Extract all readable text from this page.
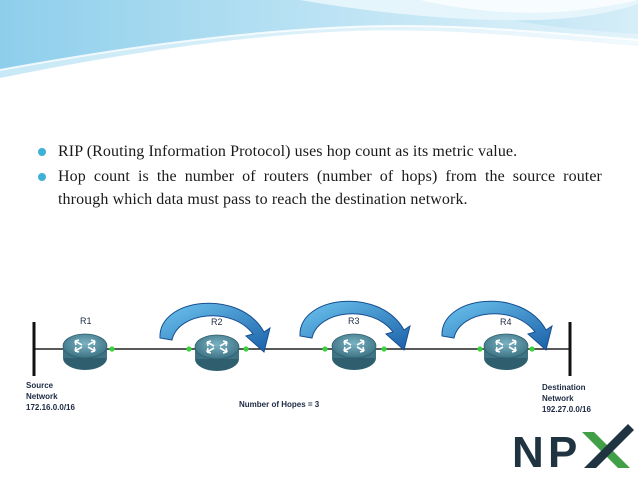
RIP (Routing Information Protocol) uses hop count as its metric value.
Hop count is the number of routers (number of hops) from the source router through which data must pass to reach the destination network.
R1	R2	R3	R4
Source
Network
172.16.0.0/16
Destination
Network
192.27.0.0/16
Number of Hopes = 3
N P
